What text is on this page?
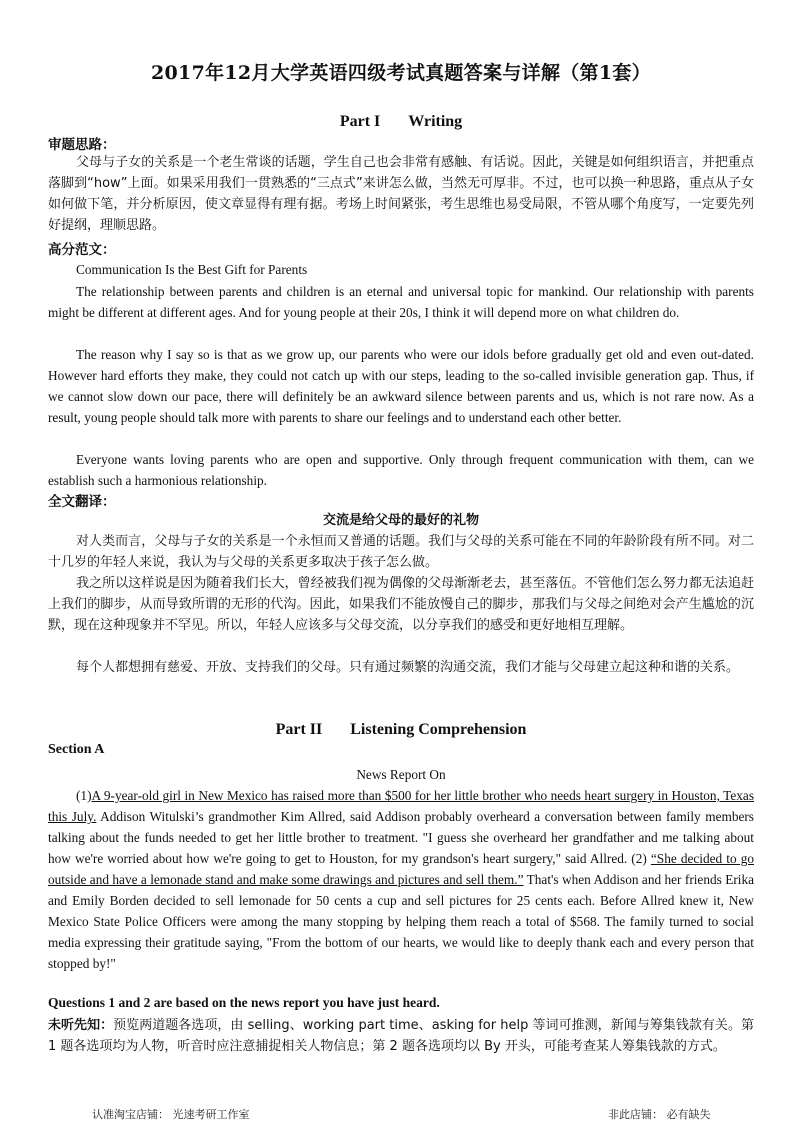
2017年12月大学英语四级考试真题答案与详解（第1套）
Part I Writing
审题思路：
父母与子女的关系是一个老生常谈的话题，学生自己也会非常有感触、有话说。因此，关键是如何组织语言，并把重点落脚到“how”上面。如果采用我们一贯熟悉的“三点式”来讲怎么做，当然无可厚非。不过，也可以换一种思路，重点从子女如何做下笔，并分析原因，使文章显得有理有据。考场上时间紧张，考生思维也易受局限，不管从哪个角度写，一定要先列好提纲，理顺思路。
高分范文：
Communication Is the Best Gift for Parents
The relationship between parents and children is an eternal and universal topic for mankind. Our relationship with parents might be different at different ages. And for young people at their 20s, I think it will depend more on what children do.
The reason why I say so is that as we grow up, our parents who were our idols before gradually get old and even out-dated. However hard efforts they make, they could not catch up with our steps, leading to the so-called invisible generation gap. Thus, if we cannot slow down our pace, there will definitely be an awkward silence between parents and us, which is not rare now. As a result, young people should talk more with parents to share our feelings and to understand each other better.
Everyone wants loving parents who are open and supportive. Only through frequent communication with them, can we establish such a harmonious relationship.
全文翻译：
交流是给父母的最好的礼物
对人类而言，父母与子女的关系是一个永恒而又普通的话题。我们与父母的关系可能在不同的年龄阶段有所不同。对二十几岁的年轻人来说，我认为与父母的关系更多取决于孩子怎么做。
我之所以这样说是因为随着我们长大，曾经被我们视为偶像的父母渐渐老去，甚至落伍。不管他们怎么努力都无法追赶上我们的脚步，从而导致所谓的无形的代沟。因此，如果我们不能放慢自己的脚步，那我们与父母之间绝对会产生尴尬的沉默，现在这种现象并不罕见。所以，年轻人应该多与父母交流，以分享我们的感受和更好地相互理解。
每个人都想拥有慈爱、开放、支持我们的父母。只有通过频繁的沟通交流，我们才能与父母建立起这种和谐的关系。
Part II Listening Comprehension
Section A
News Report On
(1)A 9-year-old girl in New Mexico has raised more than $500 for her little brother who needs heart surgery in Houston, Texas this July. Addison Witulski’s grandmother Kim Allred, said Addison probably overheard a conversation between family members talking about the funds needed to get her little brother to treatment. "I guess she overheard her grandfather and me talking about how we're worried about how we're going to get to Houston, for my grandson's heart surgery," said Allred. (2) “She decided to go outside and have a lemonade stand and make some drawings and pictures and sell them.” That's when Addison and her friends Erika and Emily Borden decided to sell lemonade for 50 cents a cup and sell pictures for 25 cents each. Before Allred knew it, New Mexico State Police Officers were among the many stopping by helping them reach a total of $568. The family turned to social media expressing their gratitude saying, "From the bottom of our hearts, we would like to deeply thank each and every person that stopped by!"
Questions 1 and 2 are based on the news report you have just heard.
未听先知：预览两道题各选项，由 selling、working part time、asking for help 等词可推测，新闻与筹集钱款有关。第 1 题各选项均为人物，听音时应注意捕捉相关人物信息；第 2 题各选项均以 By 开头，可能考查某人筹集钱款的方式。
认准淘宝店铺： 光速考研工作室	非此店铺： 必有缺失
